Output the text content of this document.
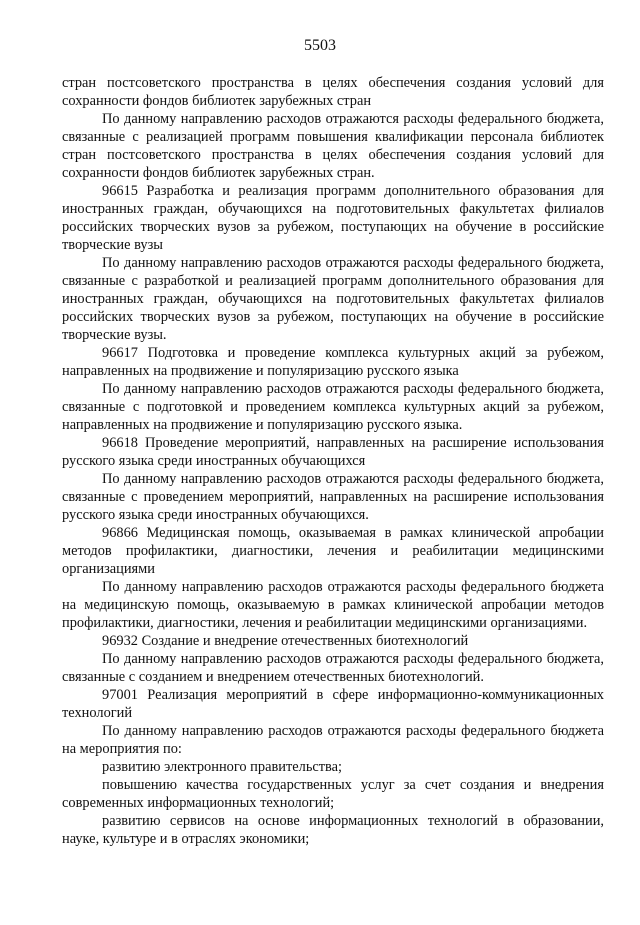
5503

стран постсоветского пространства в целях обеспечения создания условий для сохранности фондов библиотек зарубежных стран

По данному направлению расходов отражаются расходы федерального бюджета, связанные с реализацией программ повышения квалификации персонала библиотек стран постсоветского пространства в целях обеспечения создания условий для сохранности фондов библиотек зарубежных стран.

96615 Разработка и реализация программ дополнительного образования для иностранных граждан, обучающихся на подготовительных факультетах филиалов российских творческих вузов за рубежом, поступающих на обучение в российские творческие вузы

По данному направлению расходов отражаются расходы федерального бюджета, связанные с разработкой и реализацией программ дополнительного образования для иностранных граждан, обучающихся на подготовительных факультетах филиалов российских творческих вузов за рубежом, поступающих на обучение в российские творческие вузы.

96617 Подготовка и проведение комплекса культурных акций за рубежом, направленных на продвижение и популяризацию русского языка

По данному направлению расходов отражаются расходы федерального бюджета, связанные с подготовкой и проведением комплекса культурных акций за рубежом, направленных на продвижение и популяризацию русского языка.

96618 Проведение мероприятий, направленных на расширение использования русского языка среди иностранных обучающихся

По данному направлению расходов отражаются расходы федерального бюджета, связанные с проведением мероприятий, направленных на расширение использования русского языка среди иностранных обучающихся.

96866 Медицинская помощь, оказываемая в рамках клинической апробации методов профилактики, диагностики, лечения и реабилитации медицинскими организациями

По данному направлению расходов отражаются расходы федерального бюджета на медицинскую помощь, оказываемую в рамках клинической апробации методов профилактики, диагностики, лечения и реабилитации медицинскими организациями.

96932 Создание и внедрение отечественных биотехнологий

По данному направлению расходов отражаются расходы федерального бюджета, связанные с созданием и внедрением отечественных биотехнологий.

97001 Реализация мероприятий в сфере информационно-коммуникационных технологий

По данному направлению расходов отражаются расходы федерального бюджета на мероприятия по:

развитию электронного правительства;

повышению качества государственных услуг за счет создания и внедрения современных информационных технологий;

развитию сервисов на основе информационных технологий в образовании, науке, культуре и в отраслях экономики;
